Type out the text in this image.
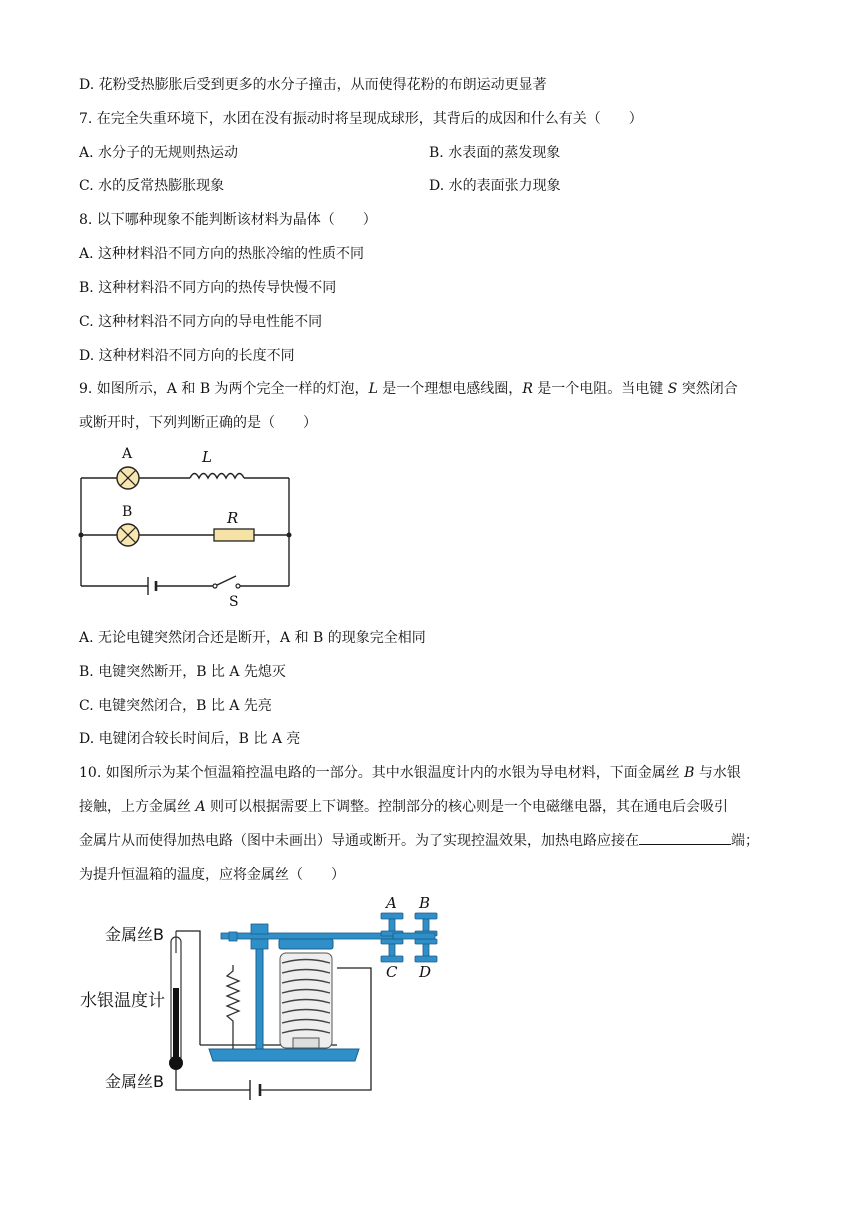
D. 花粉受热膨胀后受到更多的水分子撞击，从而使得花粉的布朗运动更显著
7. 在完全失重环境下，水团在没有振动时将呈现成球形，其背后的成因和什么有关（　　）
A. 水分子的无规则热运动	B. 水表面的蒸发现象
C. 水的反常热膨胀现象	D. 水的表面张力现象
8. 以下哪种现象不能判断该材料为晶体（　　）
A. 这种材料沿不同方向的热胀冷缩的性质不同
B. 这种材料沿不同方向的热传导快慢不同
C. 这种材料沿不同方向的导电性能不同
D. 这种材料沿不同方向的长度不同
9. 如图所示，A 和 B 为两个完全一样的灯泡，L 是一个理想电感线圈，R 是一个电阻。当电键 S 突然闭合
或断开时，下列判断正确的是（　　）
A	L
B	R
S
A. 无论电键突然闭合还是断开，A 和 B 的现象完全相同
B. 电键突然断开，B 比 A 先熄灭
C. 电键突然闭合，B 比 A 先亮
D. 电键闭合较长时间后，B 比 A 亮
10. 如图所示为某个恒温箱控温电路的一部分。其中水银温度计内的水银为导电材料，下面金属丝 B 与水银
接触，上方金属丝 A 则可以根据需要上下调整。控制部分的核心则是一个电磁继电器，其在通电后会吸引
金属片从而使得加热电路（图中未画出）导通或断开。为了实现控温效果，加热电路应接在	端；
为提升恒温箱的温度，应将金属丝（　　）
金属丝B
水银温度计
金属丝B
A B
C D
